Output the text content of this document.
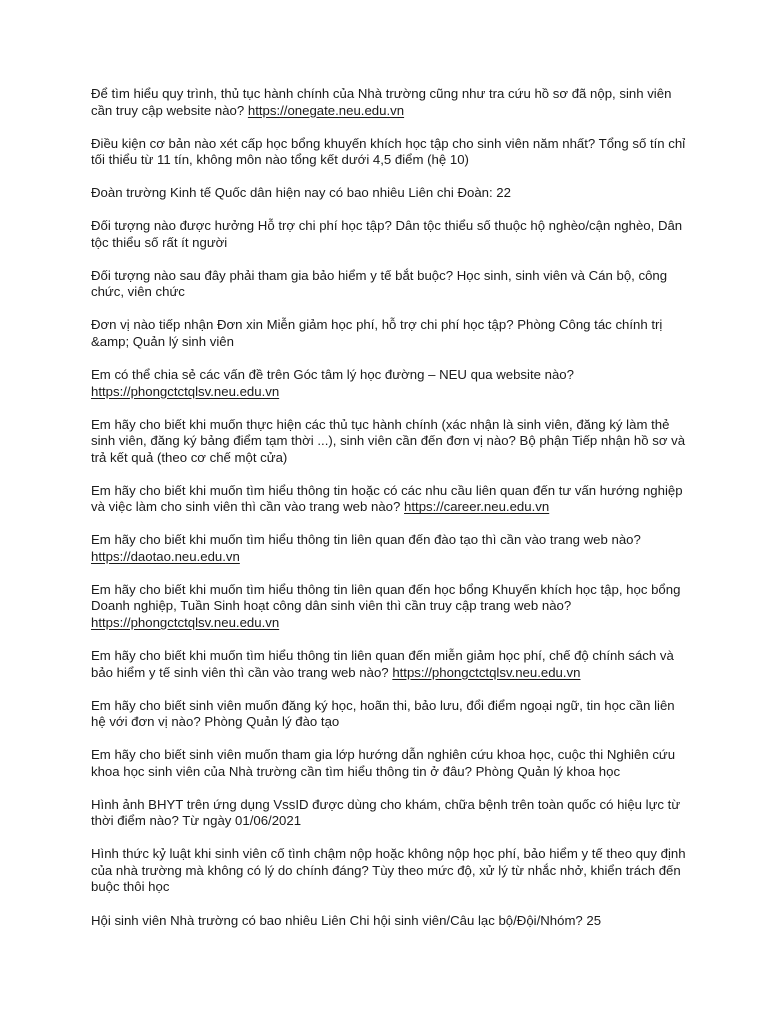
Để tìm hiểu quy trình, thủ tục hành chính của Nhà trường cũng như tra cứu hồ sơ đã nộp, sinh viên cần truy cập website nào? https://onegate.neu.edu.vn

Điều kiện cơ bản nào xét cấp học bổng khuyến khích học tập cho sinh viên năm nhất? Tổng số tín chỉ tối thiểu từ 11 tín, không môn nào tổng kết dưới 4,5 điểm (hệ 10)

Đoàn trường Kinh tế Quốc dân hiện nay có bao nhiêu Liên chi Đoàn: 22

Đối tượng nào được hưởng Hỗ trợ chi phí học tập? Dân tộc thiểu số thuộc hộ nghèo/cận nghèo, Dân tộc thiểu số rất ít người

Đối tượng nào sau đây phải tham gia bảo hiểm y tế bắt buộc? Học sinh, sinh viên và Cán bộ, công chức, viên chức

Đơn vị nào tiếp nhận Đơn xin Miễn giảm học phí, hỗ trợ chi phí học tập? Phòng Công tác chính trị &amp; Quản lý sinh viên

Em có thể chia sẻ các vấn đề trên Góc tâm lý học đường – NEU qua website nào? https://phongctctqlsv.neu.edu.vn

Em hãy cho biết khi muốn thực hiện các thủ tục hành chính (xác nhận là sinh viên, đăng ký làm thẻ sinh viên, đăng ký bảng điểm tạm thời ...), sinh viên cần đến đơn vị nào? Bộ phận Tiếp nhận hồ sơ và trả kết quả (theo cơ chế một cửa)

Em hãy cho biết khi muốn tìm hiểu thông tin hoặc có các nhu cầu liên quan đến tư vấn hướng nghiệp và việc làm cho sinh viên thì cần vào trang web nào? https://career.neu.edu.vn

Em hãy cho biết khi muốn tìm hiểu thông tin liên quan đến đào tạo thì cần vào trang web nào? https://daotao.neu.edu.vn

Em hãy cho biết khi muốn tìm hiểu thông tin liên quan đến học bổng Khuyến khích học tập, học bổng Doanh nghiệp, Tuần Sinh hoạt công dân sinh viên thì cần truy cập trang web nào? https://phongctctqlsv.neu.edu.vn

Em hãy cho biết khi muốn tìm hiểu thông tin liên quan đến miễn giảm học phí, chế độ chính sách và bảo hiểm y tế sinh viên thì cần vào trang web nào? https://phongctctqlsv.neu.edu.vn

Em hãy cho biết sinh viên muốn đăng ký học, hoãn thi, bảo lưu, đổi điểm ngoại ngữ, tin học cần liên hệ với đơn vị nào? Phòng Quản lý đào tạo

Em hãy cho biết sinh viên muốn tham gia lớp hướng dẫn nghiên cứu khoa học, cuộc thi Nghiên cứu khoa học sinh viên của Nhà trường cần tìm hiểu thông tin ở đâu? Phòng Quản lý khoa học

Hình ảnh BHYT trên ứng dụng VssID được dùng cho khám, chữa bệnh trên toàn quốc có hiệu lực từ thời điểm nào? Từ ngày 01/06/2021

Hình thức kỷ luật khi sinh viên cố tình chậm nộp hoặc không nộp học phí, bảo hiểm y tế theo quy định của nhà trường mà không có lý do chính đáng? Tùy theo mức độ, xử lý từ nhắc nhở, khiển trách đến buộc thôi học

Hội sinh viên Nhà trường có bao nhiêu Liên Chi hội sinh viên/Câu lạc bộ/Đội/Nhóm? 25
